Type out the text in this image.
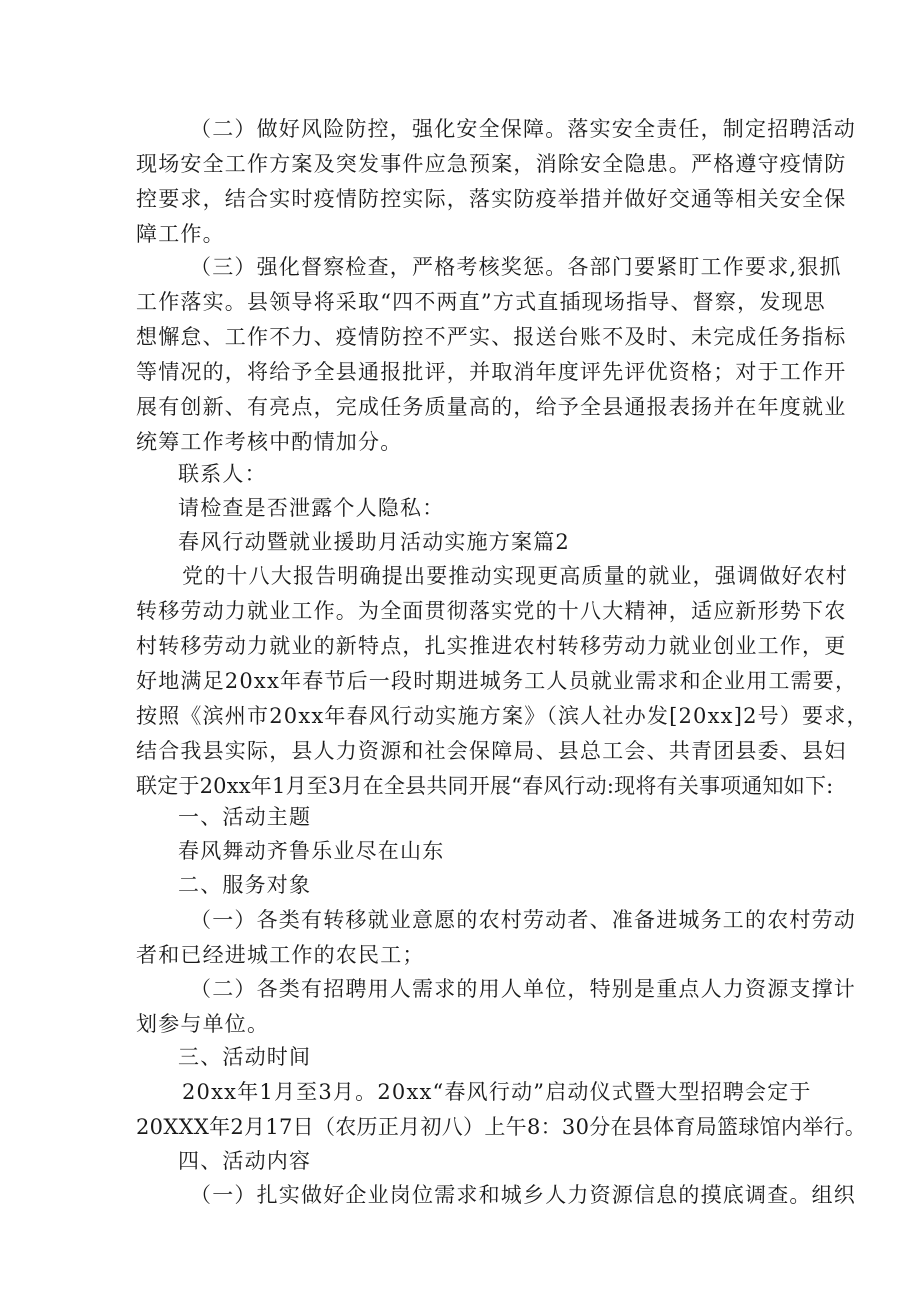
（二）做好风险防控，强化安全保障。落实安全责任，制定招聘活动
现场安全工作方案及突发事件应急预案，消除安全隐患。严格遵守疫情防
控要求，结合实时疫情防控实际，落实防疫举措并做好交通等相关安全保
障工作。
（三）强化督察检查，严格考核奖惩。各部门要紧盯工作要求,狠抓
工作落实。县领导将采取“四不两直”方式直插现场指导、督察，发现思
想懈怠、工作不力、疫情防控不严实、报送台账不及时、未完成任务指标
等情况的，将给予全县通报批评，并取消年度评先评优资格；对于工作开
展有创新、有亮点，完成任务质量高的，给予全县通报表扬并在年度就业
统筹工作考核中酌情加分。

联系人：

请检查是否泄露个人隐私：

春风行动暨就业援助月活动实施方案篇2

党的十八大报告明确提出要推动实现更高质量的就业，强调做好农村
转移劳动力就业工作。为全面贯彻落实党的十八大精神，适应新形势下农
村转移劳动力就业的新特点，扎实推进农村转移劳动力就业创业工作，更
好地满足20xx年春节后一段时期进城务工人员就业需求和企业用工需要，
按照《滨州市20xx年春风行动实施方案》（滨人社办发[20xx]2号）要求，
结合我县实际，县人力资源和社会保障局、县总工会、共青团县委、县妇
联定于20xx年1月至3月在全县共同开展“春风行动:现将有关事项通知如下:

一、活动主题

春风舞动齐鲁乐业尽在山东

二、服务对象

（一）各类有转移就业意愿的农村劳动者、准备进城务工的农村劳动
者和已经进城工作的农民工；
（二）各类有招聘用人需求的用人单位，特别是重点人力资源支撑计
划参与单位。

三、活动时间

20xx年1月至3月。20xx“春风行动”启动仪式暨大型招聘会定于
20XXX年2月17日（农历正月初八）上午8：30分在县体育局篮球馆内举行。

四、活动内容

（一）扎实做好企业岗位需求和城乡人力资源信息的摸底调查。组织
